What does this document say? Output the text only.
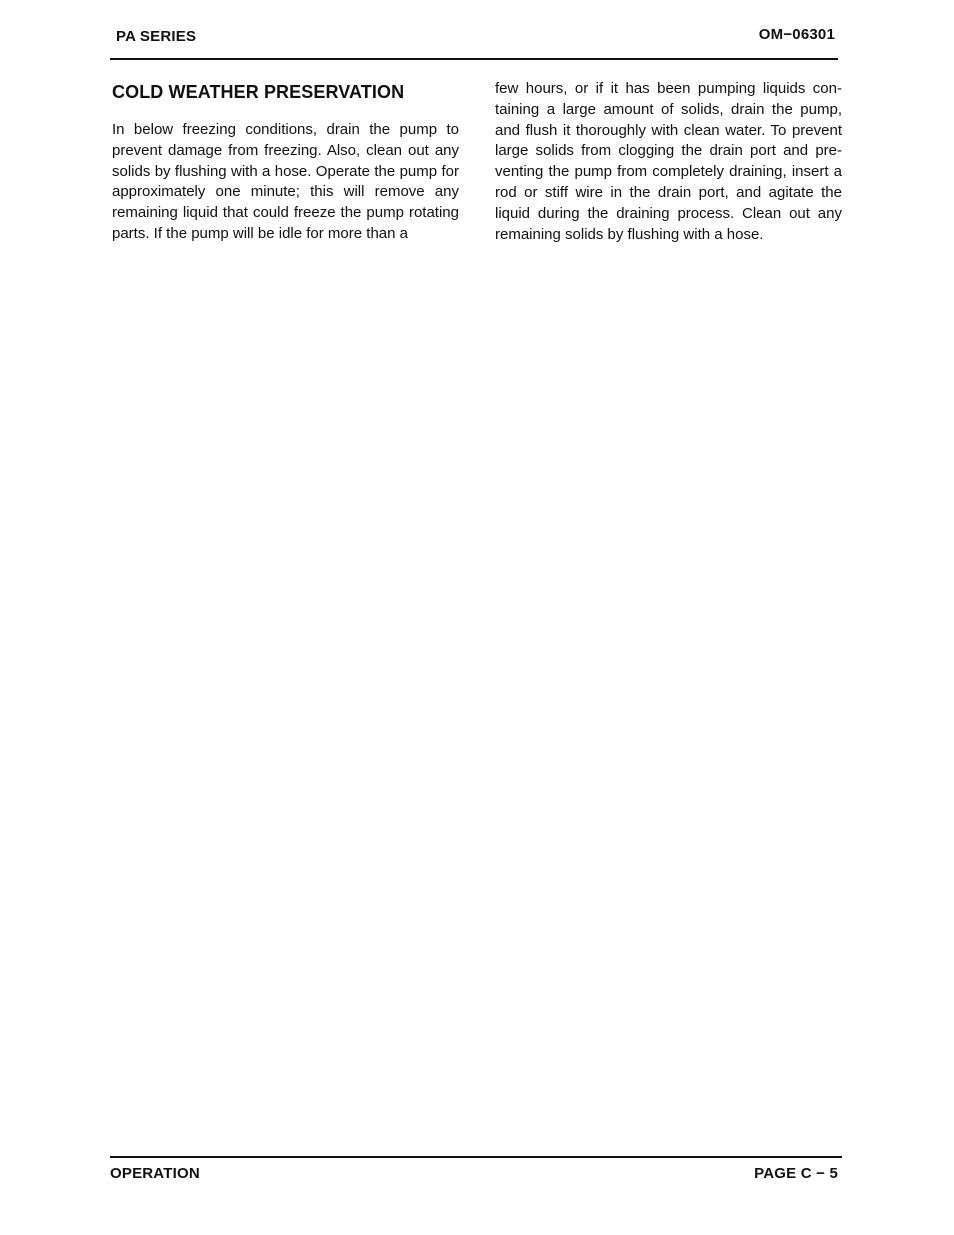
PA SERIES	OM−06301
COLD WEATHER PRESERVATION

In below freezing conditions, drain the pump to prevent damage from freezing. Also, clean out any solids by flushing with a hose. Operate the pump for approximately one minute; this will remove any remaining liquid that could freeze the pump rotating parts. If the pump will be idle for more than a

few hours, or if it has been pumping liquids containing a large amount of solids, drain the pump, and flush it thoroughly with clean water. To prevent large solids from clogging the drain port and preventing the pump from completely draining, insert a rod or stiff wire in the drain port, and agitate the liquid during the draining process. Clean out any remaining solids by flushing with a hose.

OPERATION	PAGE C − 5
